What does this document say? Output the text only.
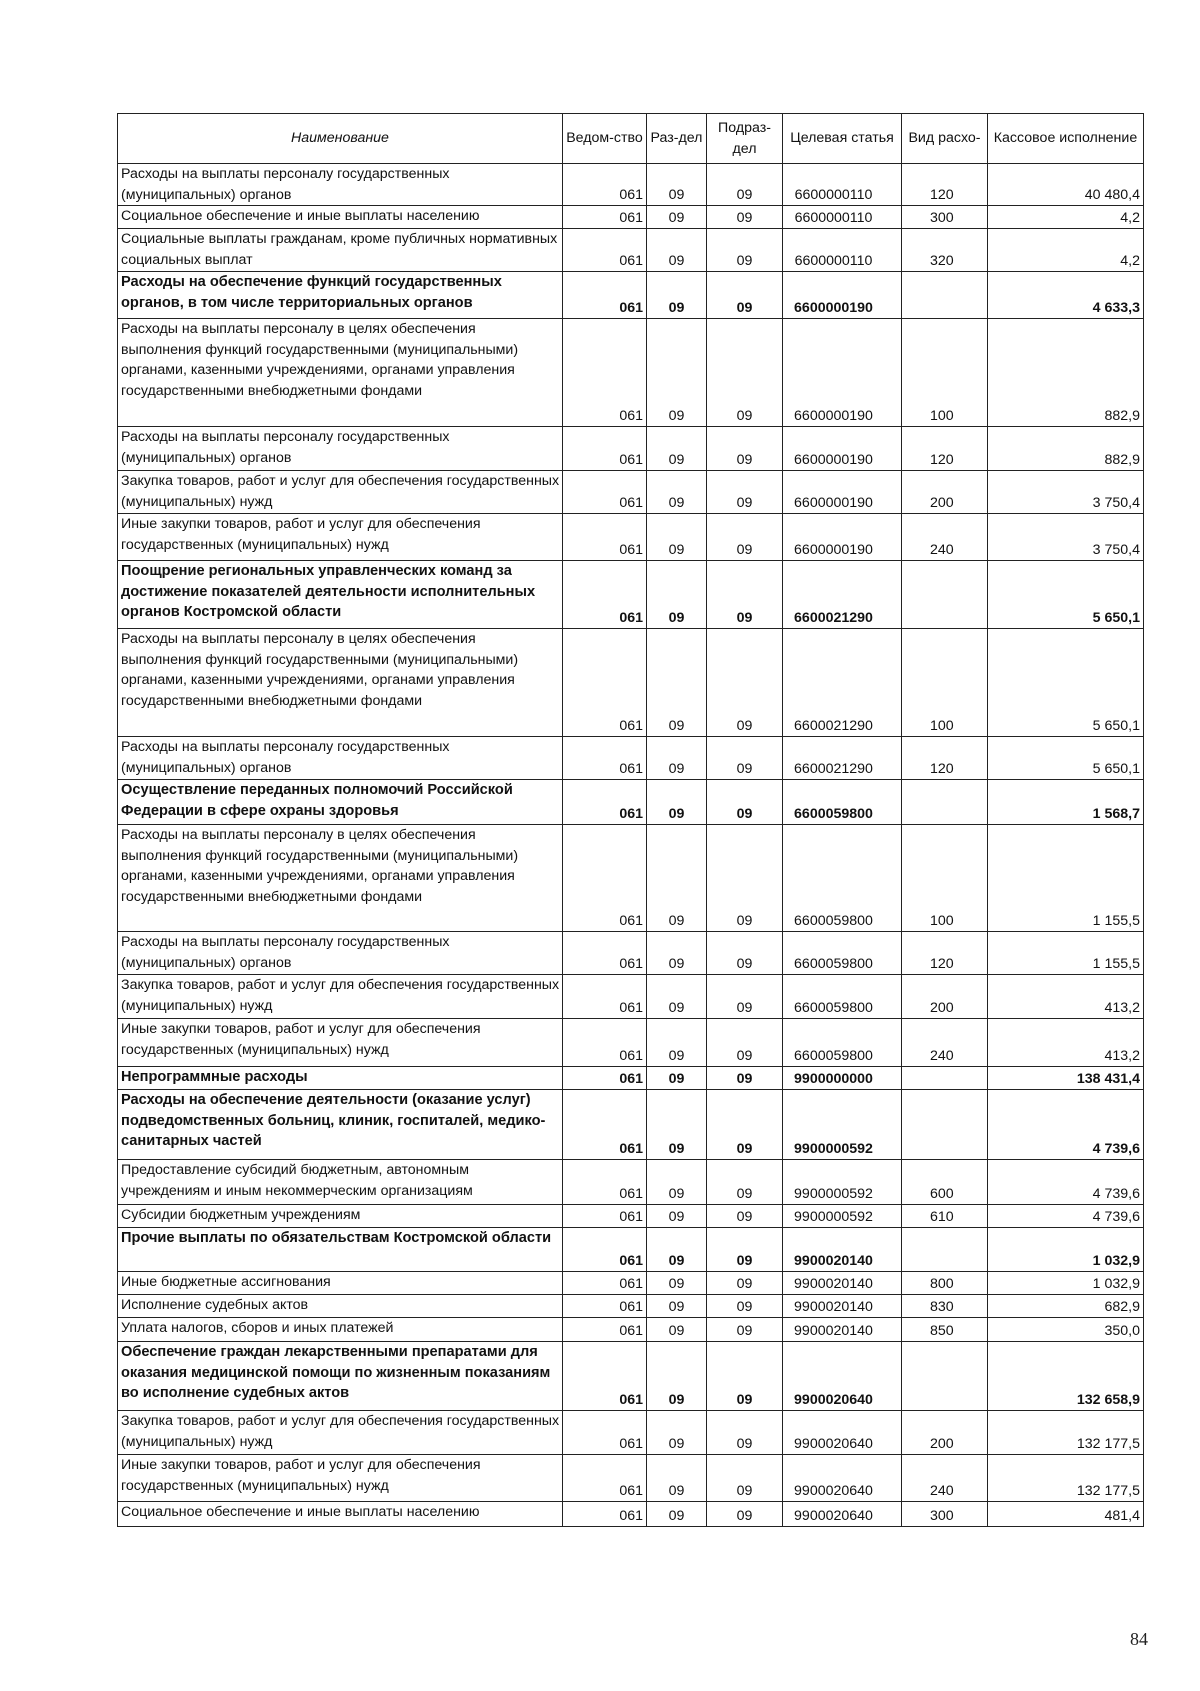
Наименование	Ведом-ство	Раз-дел	Подраз-дел	Целевая статья	Вид расхо-	Кассовое исполнение
Расходы на выплаты персоналу государственных (муниципальных) органов	061	09	09	6600000110	120	40 480,4
Социальное обеспечение и иные выплаты населению	061	09	09	6600000110	300	4,2
Социальные выплаты гражданам, кроме публичных нормативных социальных выплат	061	09	09	6600000110	320	4,2
Расходы на обеспечение функций государственных органов, в том числе территориальных органов	061	09	09	6600000190		4 633,3
Расходы на выплаты персоналу в целях обеспечения выполнения функций государственными (муниципальными) органами, казенными учреждениями, органами управления государственными внебюджетными фондами	061	09	09	6600000190	100	882,9
Расходы на выплаты персоналу государственных (муниципальных) органов	061	09	09	6600000190	120	882,9
Закупка товаров, работ и услуг для обеспечения государственных (муниципальных) нужд	061	09	09	6600000190	200	3 750,4
Иные закупки товаров, работ и услуг для обеспечения государственных (муниципальных) нужд	061	09	09	6600000190	240	3 750,4
Поощрение региональных управленческих команд за достижение показателей деятельности исполнительных органов Костромской области	061	09	09	6600021290		5 650,1
Расходы на выплаты персоналу в целях обеспечения выполнения функций государственными (муниципальными) органами, казенными учреждениями, органами управления государственными внебюджетными фондами	061	09	09	6600021290	100	5 650,1
Расходы на выплаты персоналу государственных (муниципальных) органов	061	09	09	6600021290	120	5 650,1
Осуществление переданных полномочий Российской Федерации в сфере охраны здоровья	061	09	09	6600059800		1 568,7
Расходы на выплаты персоналу в целях обеспечения выполнения функций государственными (муниципальными) органами, казенными учреждениями, органами управления государственными внебюджетными фондами	061	09	09	6600059800	100	1 155,5
Расходы на выплаты персоналу государственных (муниципальных) органов	061	09	09	6600059800	120	1 155,5
Закупка товаров, работ и услуг для обеспечения государственных (муниципальных) нужд	061	09	09	6600059800	200	413,2
Иные закупки товаров, работ и услуг для обеспечения государственных (муниципальных) нужд	061	09	09	6600059800	240	413,2
Непрограммные расходы	061	09	09	9900000000		138 431,4
Расходы на обеспечение деятельности (оказание услуг) подведомственных больниц, клиник, госпиталей, медико-санитарных частей	061	09	09	9900000592		4 739,6
Предоставление субсидий бюджетным, автономным учреждениям и иным некоммерческим организациям	061	09	09	9900000592	600	4 739,6
Субсидии бюджетным учреждениям	061	09	09	9900000592	610	4 739,6
Прочие выплаты по обязательствам Костромской области	061	09	09	9900020140		1 032,9
Иные бюджетные ассигнования	061	09	09	9900020140	800	1 032,9
Исполнение судебных актов	061	09	09	9900020140	830	682,9
Уплата налогов, сборов и иных платежей	061	09	09	9900020140	850	350,0
Обеспечение граждан лекарственными препаратами для оказания медицинской помощи по жизненным показаниям во исполнение судебных актов	061	09	09	9900020640		132 658,9
Закупка товаров, работ и услуг для обеспечения государственных (муниципальных) нужд	061	09	09	9900020640	200	132 177,5
Иные закупки товаров, работ и услуг для обеспечения государственных (муниципальных) нужд	061	09	09	9900020640	240	132 177,5
Социальное обеспечение и иные выплаты населению	061	09	09	9900020640	300	481,4
84
